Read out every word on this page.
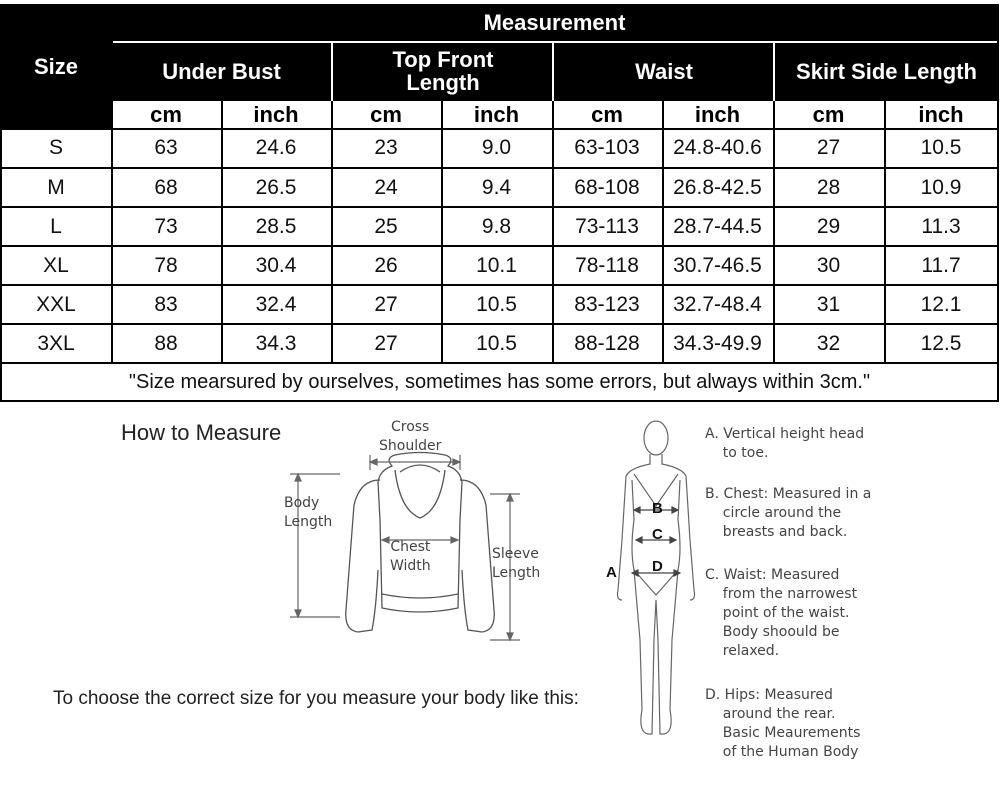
Size
Measurement
Under Bust	Top Front Length	Waist	Skirt Side Length
cm	inch	cm	inch	cm	inch	cm	inch
S	63	24.6	23	9.0	63-103	24.8-40.6	27	10.5
M	68	26.5	24	9.4	68-108	26.8-42.5	28	10.9
L	73	28.5	25	9.8	73-113	28.7-44.5	29	11.3
XL	78	30.4	26	10.1	78-118	30.7-46.5	30	11.7
XXL	83	32.4	27	10.5	83-123	32.7-48.4	31	12.1
3XL	88	34.3	27	10.5	88-128	34.3-49.9	32	12.5
"Size mearsured by ourselves, sometimes has some errors, but always within 3cm."
How to Measure	Cross
Shoulder
Body
Length
Chest
Width
Sleeve
Length
To choose the correct size for you measure your body like this:
A
B
C
D
A. Vertical height head
to toe.
B. Chest: Measured in a
circle around the
breasts and back.
C. Waist: Measured
from the narrowest
point of the waist.
Body shoould be
relaxed.
D. Hips: Measured
around the rear.
Basic Meaurements
of the Human Body
